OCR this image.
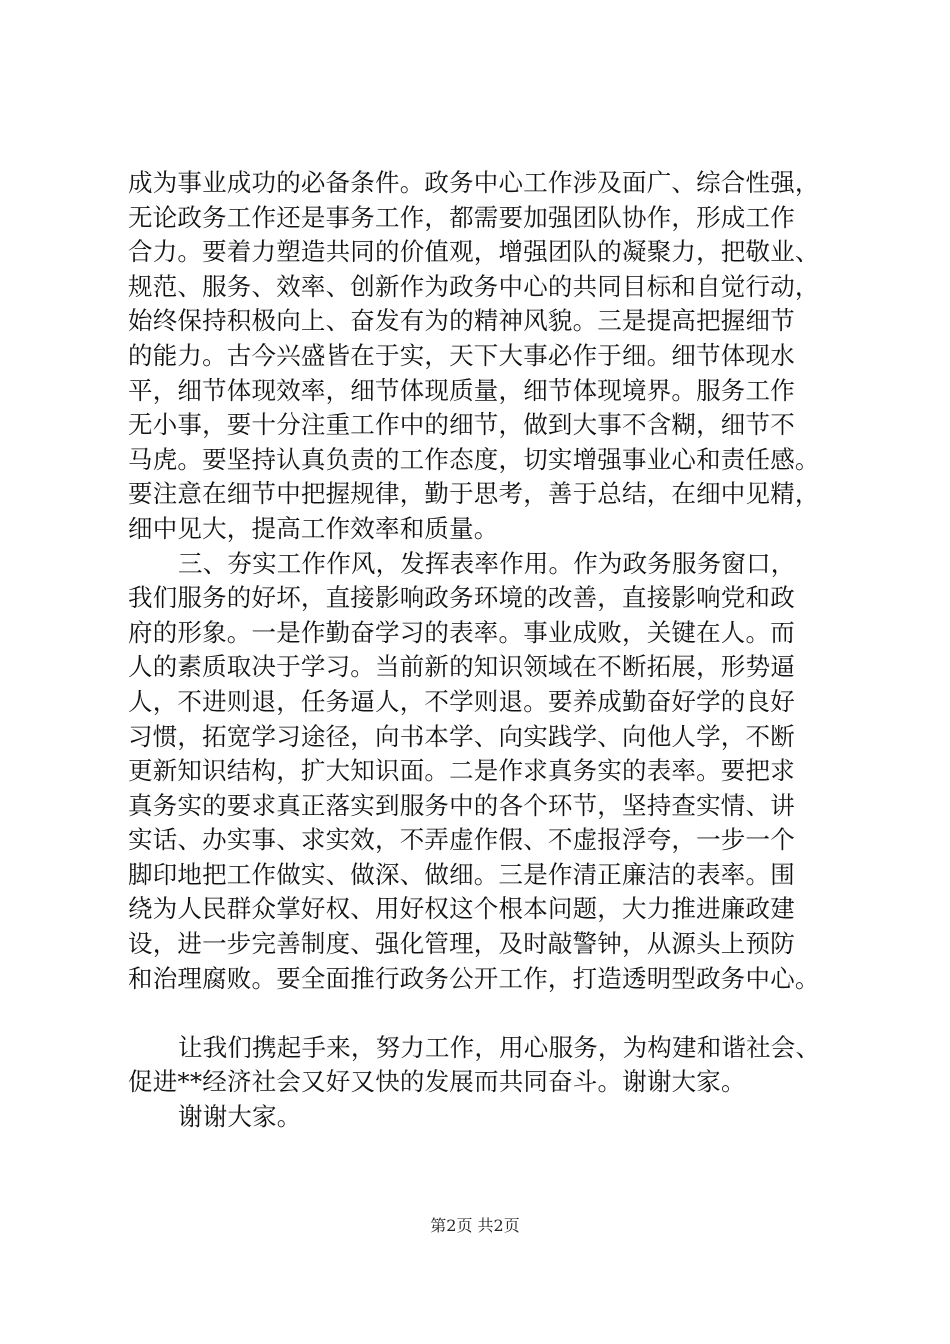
成为事业成功的必备条件。政务中心工作涉及面广、综合性强，
无论政务工作还是事务工作，都需要加强团队协作，形成工作
合力。要着力塑造共同的价值观，增强团队的凝聚力，把敬业、
规范、服务、效率、创新作为政务中心的共同目标和自觉行动，
始终保持积极向上、奋发有为的精神风貌。三是提高把握细节
的能力。古今兴盛皆在于实，天下大事必作于细。细节体现水
平，细节体现效率，细节体现质量，细节体现境界。服务工作
无小事，要十分注重工作中的细节，做到大事不含糊，细节不
马虎。要坚持认真负责的工作态度，切实增强事业心和责任感。
要注意在细节中把握规律，勤于思考，善于总结，在细中见精，
细中见大，提高工作效率和质量。
三、夯实工作作风，发挥表率作用。作为政务服务窗口，
我们服务的好坏，直接影响政务环境的改善，直接影响党和政
府的形象。一是作勤奋学习的表率。事业成败，关键在人。而
人的素质取决于学习。当前新的知识领域在不断拓展，形势逼
人，不进则退，任务逼人，不学则退。要养成勤奋好学的良好
习惯，拓宽学习途径，向书本学、向实践学、向他人学，不断
更新知识结构，扩大知识面。二是作求真务实的表率。要把求
真务实的要求真正落实到服务中的各个环节，坚持查实情、讲
实话、办实事、求实效，不弄虚作假、不虚报浮夸，一步一个
脚印地把工作做实、做深、做细。三是作清正廉洁的表率。围
绕为人民群众掌好权、用好权这个根本问题，大力推进廉政建
设，进一步完善制度、强化管理，及时敲警钟，从源头上预防
和治理腐败。要全面推行政务公开工作，打造透明型政务中心。
让我们携起手来，努力工作，用心服务，为构建和谐社会、
促进**经济社会又好又快的发展而共同奋斗。谢谢大家。
谢谢大家。
第2页 共2页
